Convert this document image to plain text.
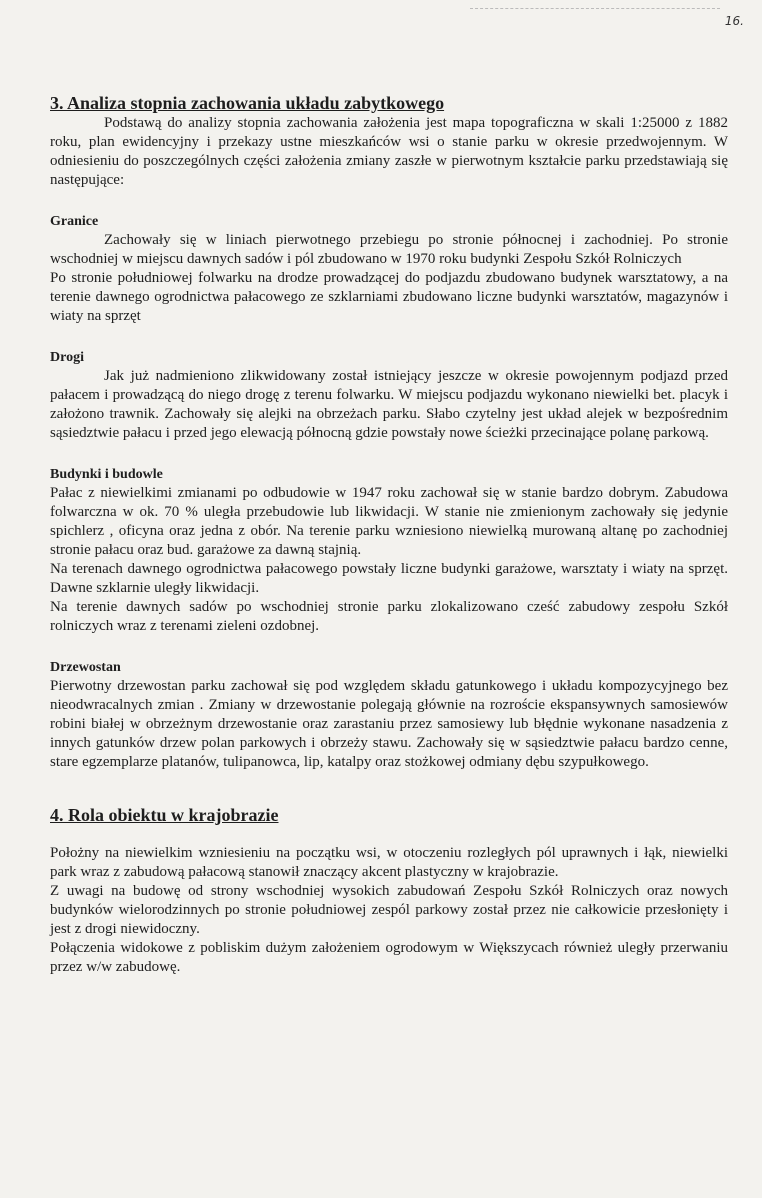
16.
3. Analiza stopnia zachowania układu zabytkowego

Podstawą do analizy stopnia zachowania założenia jest mapa topograficzna w skali 1:25000 z 1882 roku, plan ewidencyjny i przekazy ustne mieszkańców wsi o stanie parku w okresie przedwojennym. W odniesieniu do poszczególnych części założenia zmiany zaszłe w pierwotnym kształcie parku przedstawiają się następujące:

Granice

Zachowały się w liniach pierwotnego przebiegu po stronie północnej i zachodniej. Po stronie wschodniej w miejscu dawnych sadów i pól zbudowano w 1970 roku budynki Zespołu Szkół Rolniczych

Po stronie południowej folwarku na drodze prowadzącej do podjazdu zbudowano budynek warsztatowy, a na terenie dawnego ogrodnictwa pałacowego ze szklarniami zbudowano liczne budynki warsztatów, magazynów i wiaty na sprzęt

Drogi

Jak już nadmieniono zlikwidowany został istniejący jeszcze w okresie powojennym podjazd przed pałacem i prowadzącą do niego drogę z terenu folwarku. W miejscu podjazdu wykonano niewielki bet. placyk i założono trawnik. Zachowały się alejki na obrzeżach parku. Słabo czytelny jest układ alejek w bezpośrednim sąsiedztwie pałacu i przed jego elewacją północną gdzie powstały nowe ścieżki przecinające polanę parkową.

Budynki i budowle

Pałac z niewielkimi zmianami po odbudowie w 1947 roku zachował się w stanie bardzo dobrym. Zabudowa folwarczna w ok. 70 % uległa przebudowie lub likwidacji. W stanie nie zmienionym zachowały się jedynie spichlerz , oficyna oraz jedna z obór. Na terenie parku wzniesiono niewielką murowaną altanę po zachodniej stronie pałacu oraz bud. garażowe za dawną stajnią.

Na terenach dawnego ogrodnictwa pałacowego powstały liczne budynki garażowe, warsztaty i wiaty na sprzęt. Dawne szklarnie uległy likwidacji.

Na terenie dawnych sadów po wschodniej stronie parku zlokalizowano cześć zabudowy zespołu Szkół rolniczych wraz z terenami zieleni ozdobnej.

Drzewostan

Pierwotny drzewostan parku zachował się pod względem składu gatunkowego i układu kompozycyjnego bez nieodwracalnych zmian . Zmiany w drzewostanie polegają głównie na rozroście ekspansywnych samosiewów robini białej w obrzeżnym drzewostanie oraz zarastaniu przez samosiewy lub błędnie wykonane nasadzenia z innych gatunków drzew polan parkowych i obrzeży stawu. Zachowały się w sąsiedztwie pałacu bardzo cenne, stare egzemplarze platanów, tulipanowca, lip, katalpy oraz stożkowej odmiany dębu szypułkowego.

4. Rola obiektu w krajobrazie

Położny na niewielkim wzniesieniu na początku wsi, w otoczeniu rozległych pól uprawnych i łąk, niewielki park wraz z zabudową pałacową stanowił znaczący akcent plastyczny w krajobrazie.

Z uwagi na budowę od strony wschodniej wysokich zabudowań Zespołu Szkół Rolniczych oraz nowych budynków wielorodzinnych po stronie południowej zespól parkowy został przez nie całkowicie przesłonięty i jest z drogi niewidoczny.

Połączenia widokowe z pobliskim dużym założeniem ogrodowym w Większycach również uległy przerwaniu przez w/w zabudowę.
